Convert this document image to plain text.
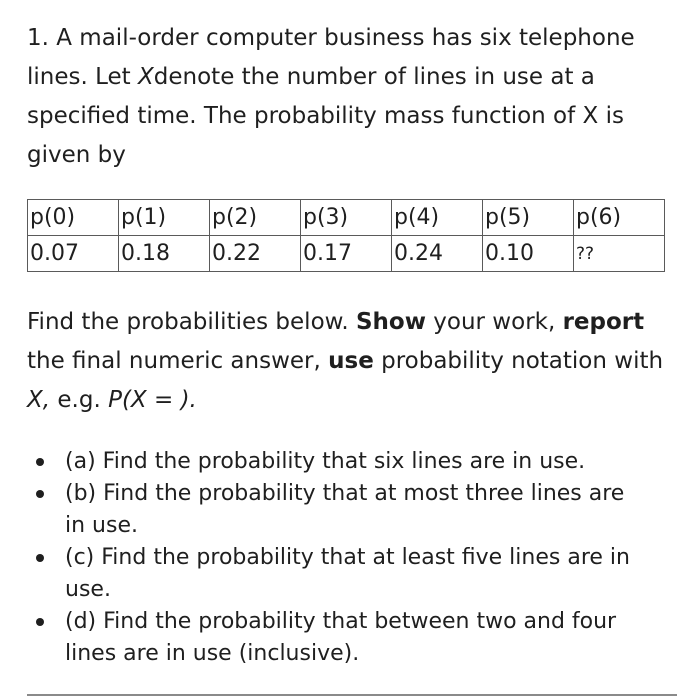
1. A mail-order computer business has six telephone lines. Let Xdenote the number of lines in use at a specified time. The probability mass function of X is given by

p(0)	p(1)	p(2)	p(3)	p(4)	p(5)	p(6)
0.07	0.18	0.22	0.17	0.24	0.10	??

Find the probabilities below. Show your work, report the final numeric answer, use probability notation with X, e.g. P(X = ).

(a) Find the probability that six lines are in use.
(b) Find the probability that at most three lines are in use.
(c) Find the probability that at least five lines are in use.
(d) Find the probability that between two and four lines are in use (inclusive).
